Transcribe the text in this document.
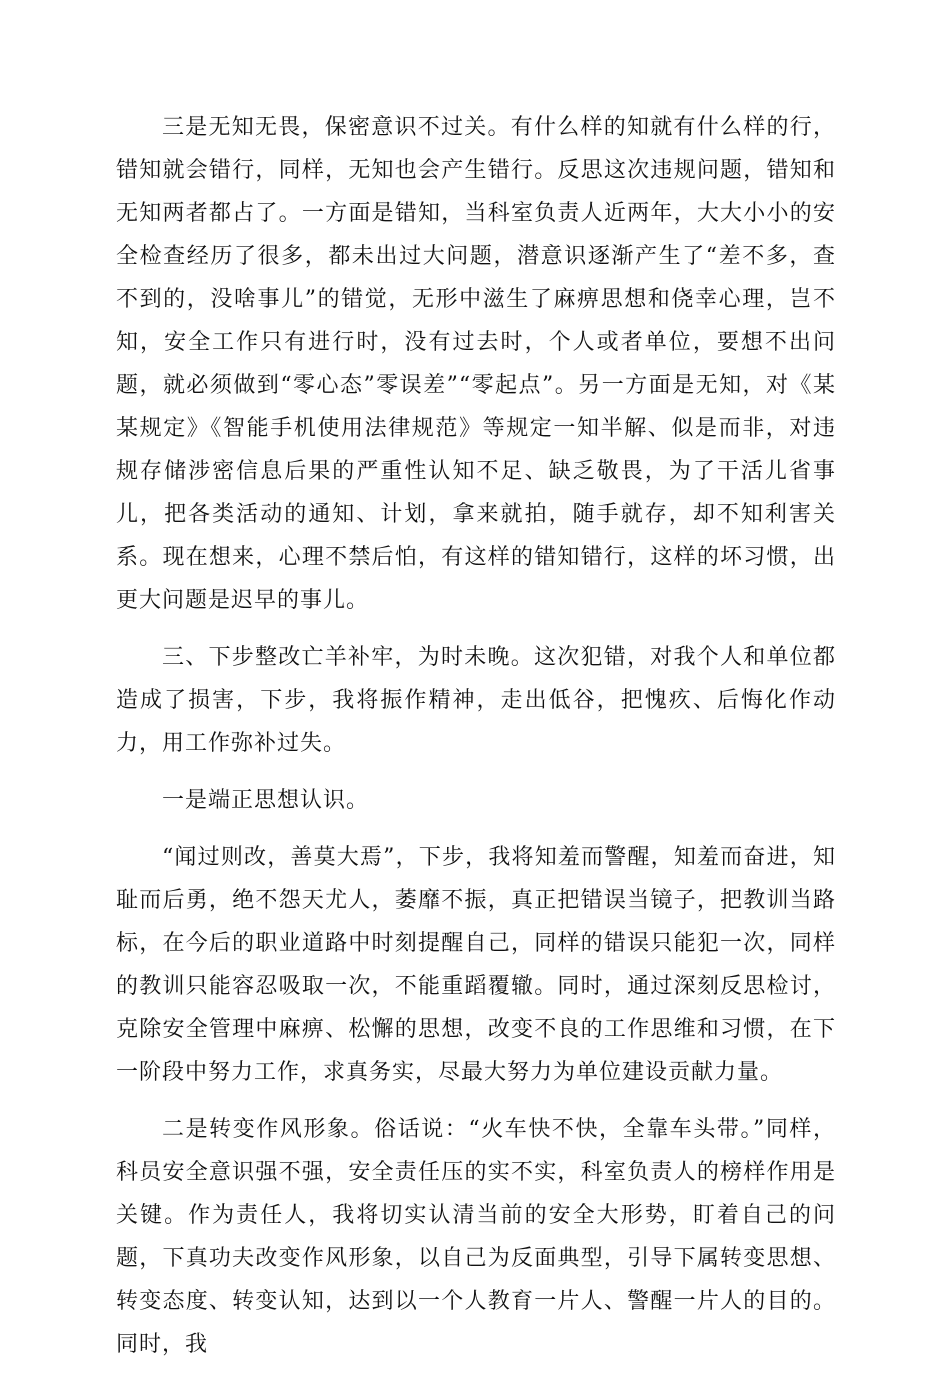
三是无知无畏，保密意识不过关。有什么样的知就有什么样的行，错知就会错行，同样，无知也会产生错行。反思这次违规问题，错知和无知两者都占了。一方面是错知，当科室负责人近两年，大大小小的安全检查经历了很多，都未出过大问题，潜意识逐渐产生了“差不多，查不到的，没啥事儿”的错觉，无形中滋生了麻痹思想和侥幸心理，岂不知，安全工作只有进行时，没有过去时，个人或者单位，要想不出问题，就必须做到“零心态”零误差”“零起点”。另一方面是无知，对《某某规定》《智能手机使用法律规范》等规定一知半解、似是而非，对违规存储涉密信息后果的严重性认知不足、缺乏敬畏，为了干活儿省事儿，把各类活动的通知、计划，拿来就拍，随手就存，却不知利害关系。现在想来，心理不禁后怕，有这样的错知错行，这样的坏习惯，出更大问题是迟早的事儿。

三、下步整改亡羊补牢，为时未晚。这次犯错，对我个人和单位都造成了损害，下步，我将振作精神，走出低谷，把愧疚、后悔化作动力，用工作弥补过失。

一是端正思想认识。

“闻过则改，善莫大焉”，下步，我将知羞而警醒，知羞而奋进，知耻而后勇，绝不怨天尤人，萎靡不振，真正把错误当镜子，把教训当路标，在今后的职业道路中时刻提醒自己，同样的错误只能犯一次，同样的教训只能容忍吸取一次，不能重蹈覆辙。同时，通过深刻反思检讨，克除安全管理中麻痹、松懈的思想，改变不良的工作思维和习惯，在下一阶段中努力工作，求真务实，尽最大努力为单位建设贡献力量。

二是转变作风形象。俗话说：“火车快不快，全靠车头带。”同样，科员安全意识强不强，安全责任压的实不实，科室负责人的榜样作用是关键。作为责任人，我将切实认清当前的安全大形势，盯着自己的问题，下真功夫改变作风形象，以自己为反面典型，引导下属转变思想、转变态度、转变认知，达到以一个人教育一片人、警醒一片人的目的。同时，我
